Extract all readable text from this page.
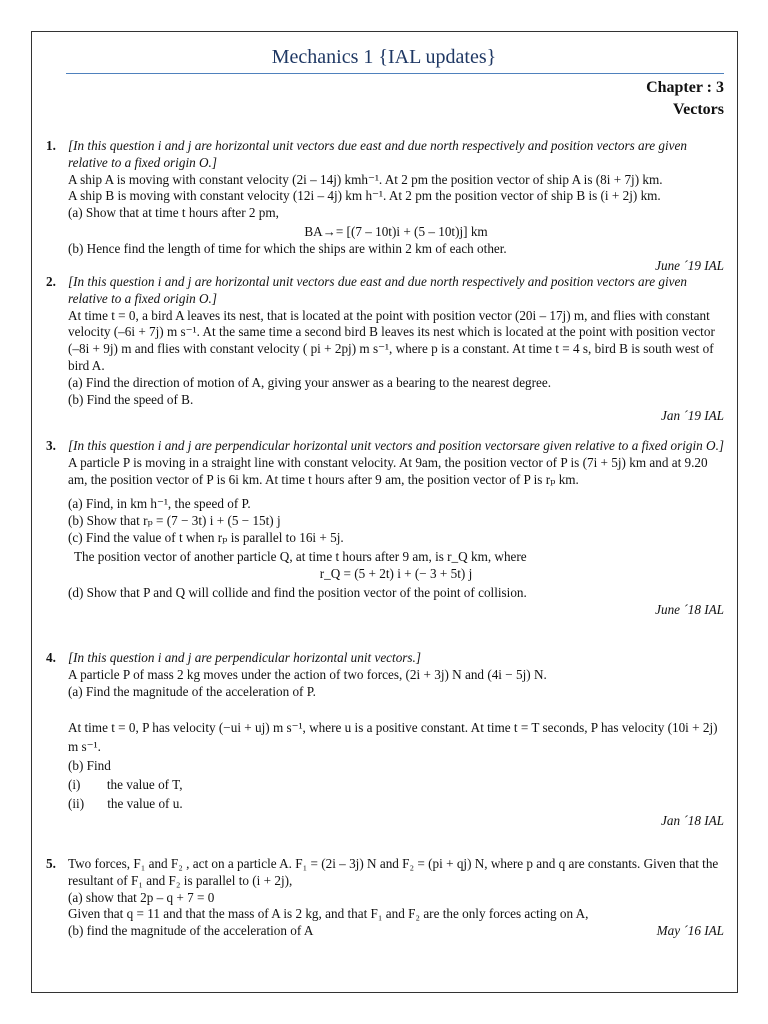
Mechanics 1 {IAL updates}
Chapter : 3
Vectors
1. [In this question i and j are horizontal unit vectors due east and due north respectively and position vectors are given relative to a fixed origin O.]
A ship A is moving with constant velocity (2i – 14j) kmh⁻¹. At 2 pm the position vector of ship A is (8i + 7j) km.
A ship B is moving with constant velocity (12i – 4j) km h⁻¹. At 2 pm the position vector of ship B is (i + 2j) km.
(a) Show that at time t hours after 2 pm,
BA→= [(7 – 10t)i + (5 – 10t)j] km
(b) Hence find the length of time for which the ships are within 2 km of each other.
June ´19 IAL
2. [In this question i and j are horizontal unit vectors due east and due north respectively and position vectors are given relative to a fixed origin O.]
At time t = 0, a bird A leaves its nest, that is located at the point with position vector (20i – 17j) m, and flies with constant velocity (–6i + 7j) m s⁻¹. At the same time a second bird B leaves its nest which is located at the point with position vector (–8i + 9j) m and flies with constant velocity ( pi + 2pj) m s⁻¹, where p is a constant. At time t = 4 s, bird B is south west of bird A.
(a) Find the direction of motion of A, giving your answer as a bearing to the nearest degree.
(b) Find the speed of B.
Jan ´19 IAL
3. [In this question i and j are perpendicular horizontal unit vectors and position vectorsare given relative to a fixed origin O.]
A particle P is moving in a straight line with constant velocity. At 9am, the position vector of P is (7i + 5j) km and at 9.20 am, the position vector of P is 6i km. At time t hours after 9 am, the position vector of P is rₚ km.
(a) Find, in km h⁻¹, the speed of P.
(b) Show that rₚ = (7 − 3t) i + (5 − 15t) j
(c) Find the value of t when rₚ is parallel to 16i + 5j.
The position vector of another particle Q, at time t hours after 9 am, is r_Q km, where
r_Q = (5 + 2t) i + (− 3 + 5t) j
(d) Show that P and Q will collide and find the position vector of the point of collision.
June ´18 IAL
4. [In this question i and j are perpendicular horizontal unit vectors.]
A particle P of mass 2 kg moves under the action of two forces, (2i + 3j) N and (4i − 5j) N.
(a) Find the magnitude of the acceleration of P.
At time t = 0, P has velocity (−ui + uj) m s⁻¹, where u is a positive constant. At time t = T seconds, P has velocity (10i + 2j) m s⁻¹.
(b) Find
(i)        the value of T,
(ii)       the value of u.
Jan ´18 IAL
5. Two forces, F₁ and F₂ , act on a particle A. F₁ = (2i – 3j) N and F₂ = (pi + qj) N, where p and q are constants. Given that the resultant of F₁ and F₂ is parallel to (i + 2j),
(a) show that 2p – q + 7 = 0
Given that q = 11 and that the mass of A is 2 kg, and that F₁ and F₂ are the only forces acting on A,
(b) find the magnitude of the acceleration of A	May ´16 IAL
